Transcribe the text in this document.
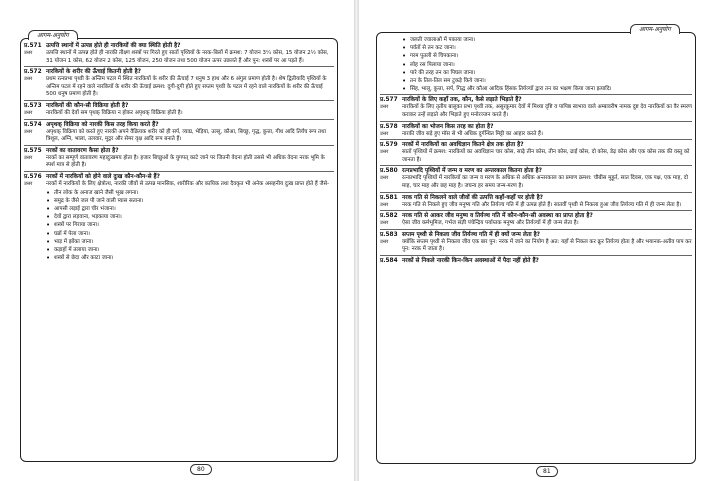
आगम-अनुयोग
प्र.571 उत्पत्ति स्थानों में उत्पन्न होते ही नारकियों की क्या स्थिति होती है?
उत्तर	उत्पत्ति स्थानों में उत्पन्न होते ही नारकी तीक्ष्ण शस्त्रों पर गिरते हुए सातों पृथ्वियों के नरक-बिलों में क्रमश: 7 योजन 3¼ कोस, 15 योजन 2½ कोस, 31 योजन 1 कोस, 62 योजन 2 कोस, 125 योजन, 250 योजन तथा 500 योजन ऊपर उछलते हैं और पुन: शस्त्रों पर आ पड़ते हैं।
प्र.572 नारकियों के शरीर की ऊँचाई कितनी होती है?
उत्तर	प्रथम रत्नप्रभा पृथ्वी के अन्तिम पटल में स्थित नारकियों के शरीर की ऊँचाई 7 धनुष 3 हाथ और 6 अंगुल प्रमाण होती है। शेष द्वितीयादि पृथ्वियों के अन्तिम पटल में रहने वाले नारकियों के शरीर की ऊँचाई क्रमश: दुगी-दुगी होते हुए सप्तम पृथ्वी के पटल में रहने वाले नारकियों के शरीर की ऊँचाई 500 धनुष प्रमाण होती है।
प्र.573 नारकियों की कौन-सी विक्रिया होती है?
उत्तर	नारकियों की देवों सम पृथक् विक्रिया न होकर अपृथक् विक्रिया होती है।
प्र.574 अपृथक् विक्रिया को नारकी किस तरह किया करते हैं?
उत्तर	अपृथक् विक्रिया को करते हुए नारकी अपने वैक्रियक शरीर को ही सर्प, व्याघ्र, भेड़िया, उल्लू, कौआ, बिच्छू, गृद्ध, कुत्ता, गीध आदि तिर्यंच रूप तथा त्रिशूल, अग्नि, भाला, तलवार, मुद्गर और सेमर वृक्ष आदि रूप बनाते हैं।
प्र.575 नरकों का वातावरण कैसा होता है?
उत्तर	नरकों का सम्पूर्ण वातावरण महादुःखमय होता है। हजार बिच्छुओं के युगपत् काटे जाने पर जितनी वेदना होती उससे भी अधिक वेदना नरक भूमि के स्पर्श मात्र से होती है।
प्र.576 नरकों में नारकियों को होने वाले दुःख कौन-कौन-से हैं?
उत्तर	नरकों में नारकियों के लिए क्षेत्रोत्थ, नारकी जीवों से उत्पन्न मानसिक, शारीरिक और कायिक तथा दैवकृत भी अनेक असहनीय दुःख प्राप्त होते हैं जैसे-
• तीन लोक के अनाज खाने जैसी भूख लगना।
• समुद्र के जैसे जल पी जाने वाली प्यास सताना।
• आपसी लड़ाई द्वारा चीर भंजाना।
• देवों द्वारा लड़वाना, भड़काया जाना।
• शस्त्रों पर गिराया जाना।
• घन्नों में पेला जाना।
• भाड़ में झोंका जाना।
• कड़ाहों में तलाया जाना।
• शस्त्रों से छेदा और काटा जाना।
80
आगम-अनुयोग
• जलती ज्वालाओं में पकाया जाना।
• पर्वतों से तन कट जाना।
• गरम पुतली से चिपकाना।
• लोह रस पिलाया जाना।
• पारे की तरह तन का पिघल जाना।
• तन के तिल-तिल सम टुकड़े किये जाना।
• सिंह, भालू, कुत्ता, सर्प, गिद्ध और कौआ आदिक हिंसक तिर्यञ्चों द्वारा तन का भक्षण किया जाना इत्यादि।
प्र.577 नारकियों के लिए कहाँ तक, कौन, कैसे लड़ाते भिड़ाते हैं?
उत्तर	नारकियों के लिए तृतीय बालुका प्रभा पृथ्वी तक, असुरकुमार देवों में मिथ्या दृष्टि व पापिष्ठ स्वभाव वाले अम्बावरीष नामक दुष्ट देव नारकियों का वैर स्मरण कराकर उन्हें लड़ाते और भिड़ाते हुए मनोरञ्जन करते हैं।
प्र.578 नारकियों का भोजन किस तरह का होता है?
उत्तर	नारकी जीव सड़े हुए मॉस से भी अधिक दुर्गन्धित मिट्टी का आहार करते हैं।
प्र.579 नरकों में नारकियों का अवधिज्ञान कितने क्षेत्र तक होता है?
उत्तर	सातों पृथ्वियों में क्रमश: नारकियों का अवधिज्ञान चार कोस, साढ़े तीन कोस, तीन कोस, ढाई कोस, दो कोस, डेढ़ कोस और एक कोस तक की वस्तु को जानता है।
प्र.580 रत्नप्रभादि पृथ्वियों में जन्म व मरण का अन्तरकाल कितना होता है?
उत्तर	रत्नप्रभादि पृथ्वियों में नारकियों का जन्म व मरण के अधिक से अधिक अन्तरकाल का प्रमाण क्रमश: चौबीस मुहूर्त, सात दिवस, एक पक्ष, एक माह, दो माह, चार माह और छह माह है। जघन्य हर समय जन्म-मरण है।
प्र.581 नरक गति से निकलने वाले जीवों की उत्पत्ति कहाँ-कहाँ पर होती है?
उत्तर	नरक गति से निकले हुए जीव मनुष्य गति और तिर्यञ्च गति में ही उत्पन्न होते हैं। सातवीं पृथ्वी से निकला हुआ जीव तिर्यञ्च गति में ही जन्म लेता है।
प्र.582 नरक गति से आकर जीव मनुष्य व तिर्यञ्च गति में कौन-कौन-सी अवस्था का प्राप्त होता है?
उत्तर	ऐसा जीव कर्मभूमिज, गर्भज संज्ञी पंचेन्द्रिय पर्याप्तक मनुष्य और तिर्यञ्चों में ही जन्म लेता है।
प्र.583 सप्तम पृथ्वी से निकला जीव तिर्यञ्च गति में ही क्यों जन्म लेता है?
उत्तर	क्योंकि सप्तम पृथ्वी से निकला जीव एक बार पुन: नरक में जाने का नियोग है अत: यहाँ से निकल कर क्रूर तिर्यञ्च होता है और भयानक-अतीव पाप कर पुन: नरक में जाता है।
प्र.584 नरकों से निकले नारकी किन-किन अवस्थाओं में पैदा नहीं होते हैं?
81
